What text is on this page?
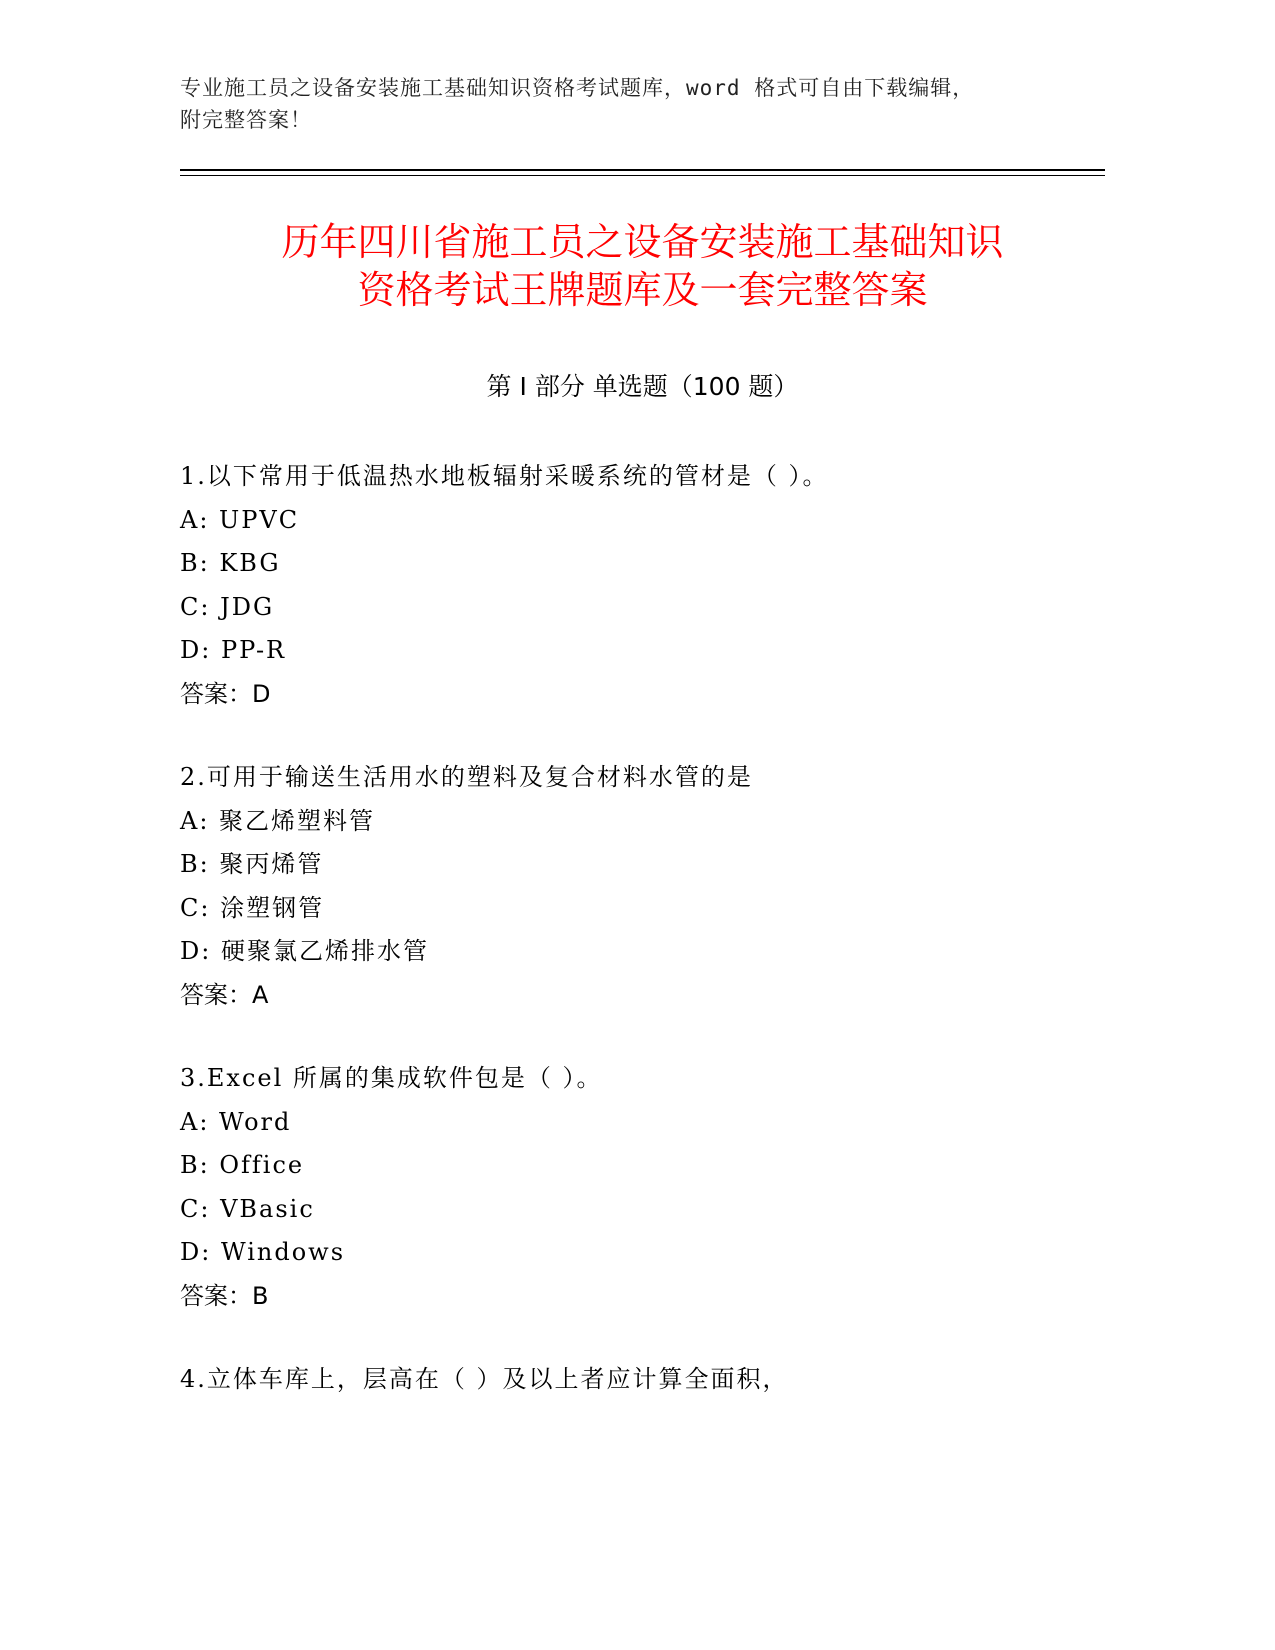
专业施工员之设备安装施工基础知识资格考试题库，word 格式可自由下载编辑，
附完整答案！
历年四川省施工员之设备安装施工基础知识
资格考试王牌题库及一套完整答案
第 I 部分 单选题（100 题）
1.以下常用于低温热水地板辐射采暖系统的管材是（ ）。
A: UPVC
B: KBG
C: JDG
D: PP-R
答案：D
2.可用于输送生活用水的塑料及复合材料水管的是
A: 聚乙烯塑料管
B: 聚丙烯管
C: 涂塑钢管
D: 硬聚氯乙烯排水管
答案：A
3.Excel 所属的集成软件包是（ ）。
A: Word
B: Office
C: VBasic
D: Windows
答案：B
4.立体车库上，层高在（ ）及以上者应计算全面积，
